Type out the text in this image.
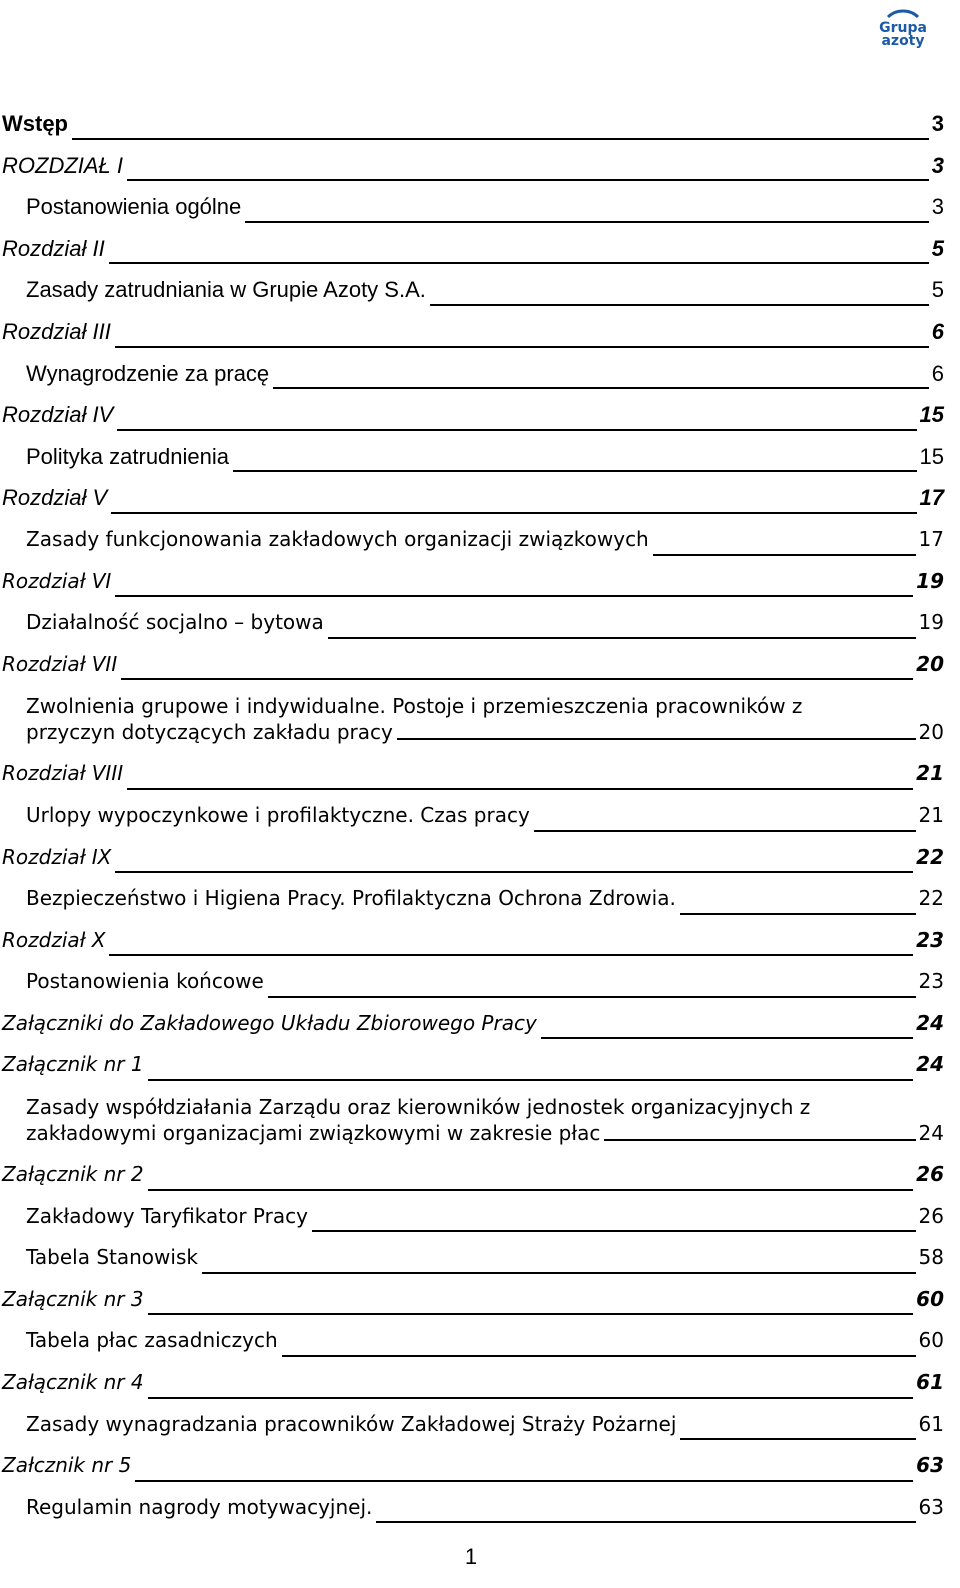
Grupa
azoty
Wstęp	3
ROZDZIAŁ I	3
Postanowienia ogólne	3
Rozdział II	5
Zasady zatrudniania w Grupie Azoty S.A.	5
Rozdział III	6
Wynagrodzenie za pracę	6
Rozdział IV	15
Polityka zatrudnienia	15
Rozdział V	17
Zasady funkcjonowania zakładowych organizacji związkowych	17
Rozdział VI	19
Działalność socjalno – bytowa	19
Rozdział VII	20
Zwolnienia grupowe i indywidualne. Postoje i przemieszczenia pracowników z
przyczyn dotyczących zakładu pracy	20
Rozdział VIII	21
Urlopy wypoczynkowe i profilaktyczne. Czas pracy	21
Rozdział IX	22
Bezpieczeństwo i Higiena Pracy. Profilaktyczna Ochrona Zdrowia.	22
Rozdział X	23
Postanowienia końcowe	23
Załączniki do Zakładowego Układu Zbiorowego Pracy	24
Załącznik nr 1	24
Zasady współdziałania Zarządu oraz kierowników jednostek organizacyjnych z
zakładowymi organizacjami związkowymi w zakresie płac	24
Załącznik nr 2	26
Zakładowy Taryfikator Pracy	26
Tabela Stanowisk	58
Załącznik nr 3	60
Tabela płac zasadniczych	60
Załącznik nr 4	61
Zasady wynagradzania pracowników Zakładowej Straży Pożarnej	61
Załcznik nr 5	63
Regulamin nagrody motywacyjnej.	63
1
